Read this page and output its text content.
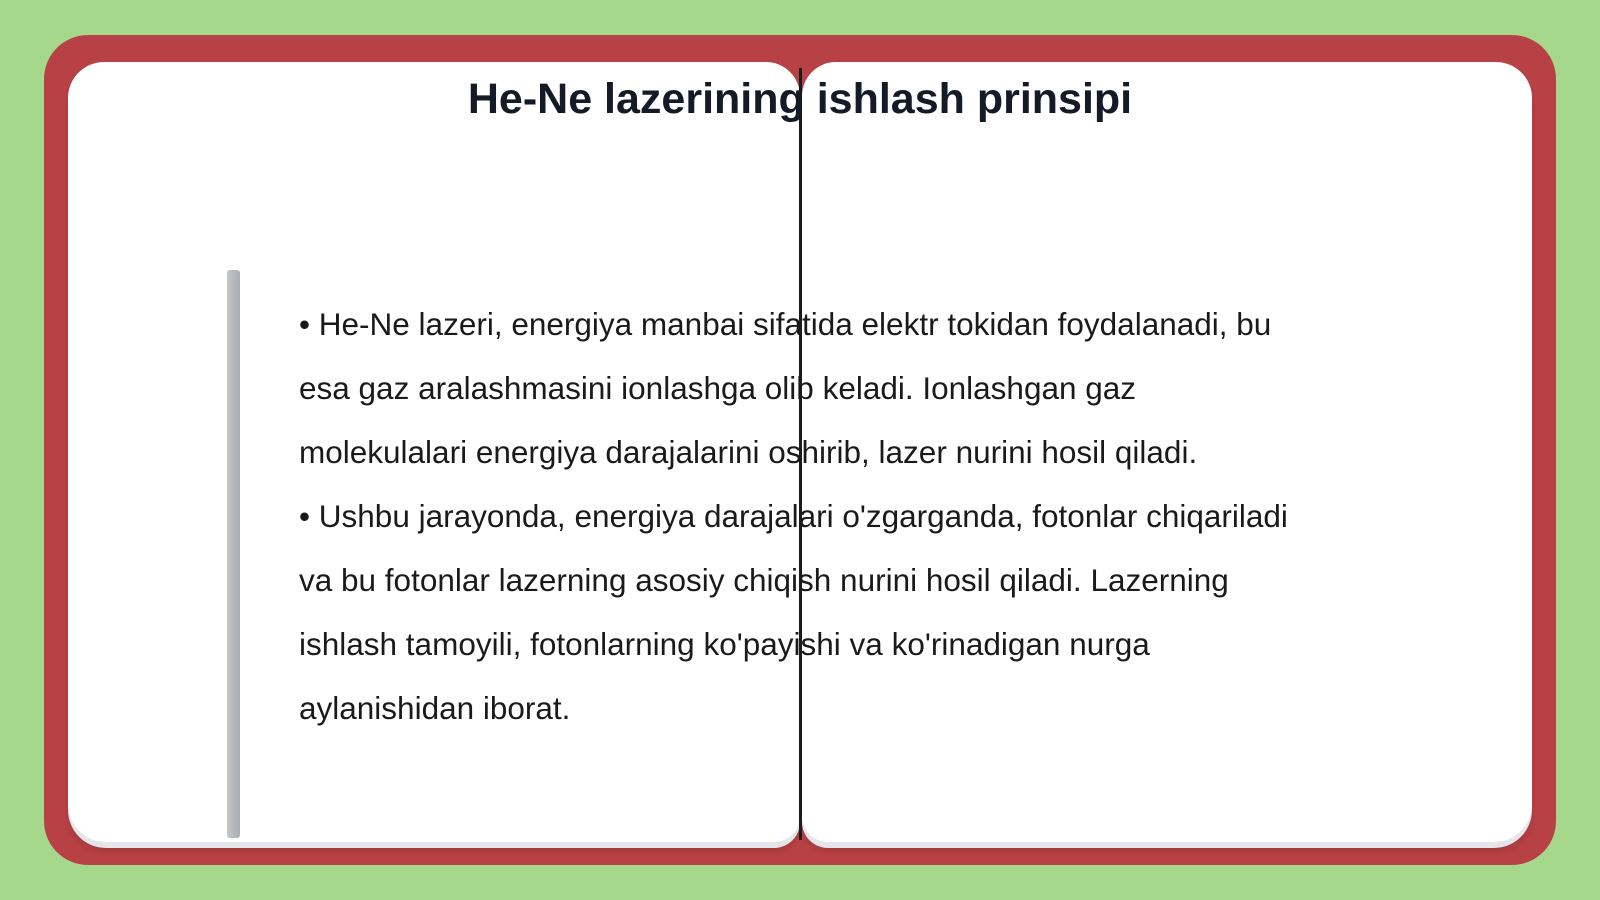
He-Ne lazerining ishlash prinsipi

• He-Ne lazeri, energiya manbai sifatida elektr tokidan foydalanadi, bu esa gaz aralashmasini ionlashga olib keladi. Ionlashgan gaz molekulalari energiya darajalarini oshirib, lazer nurini hosil qiladi.

• Ushbu jarayonda, energiya darajalari o'zgarganda, fotonlar chiqariladi va bu fotonlar lazerning asosiy chiqish nurini hosil qiladi. Lazerning ishlash tamoyili, fotonlarning ko'payishi va ko'rinadigan nurga aylanishidan iborat.
